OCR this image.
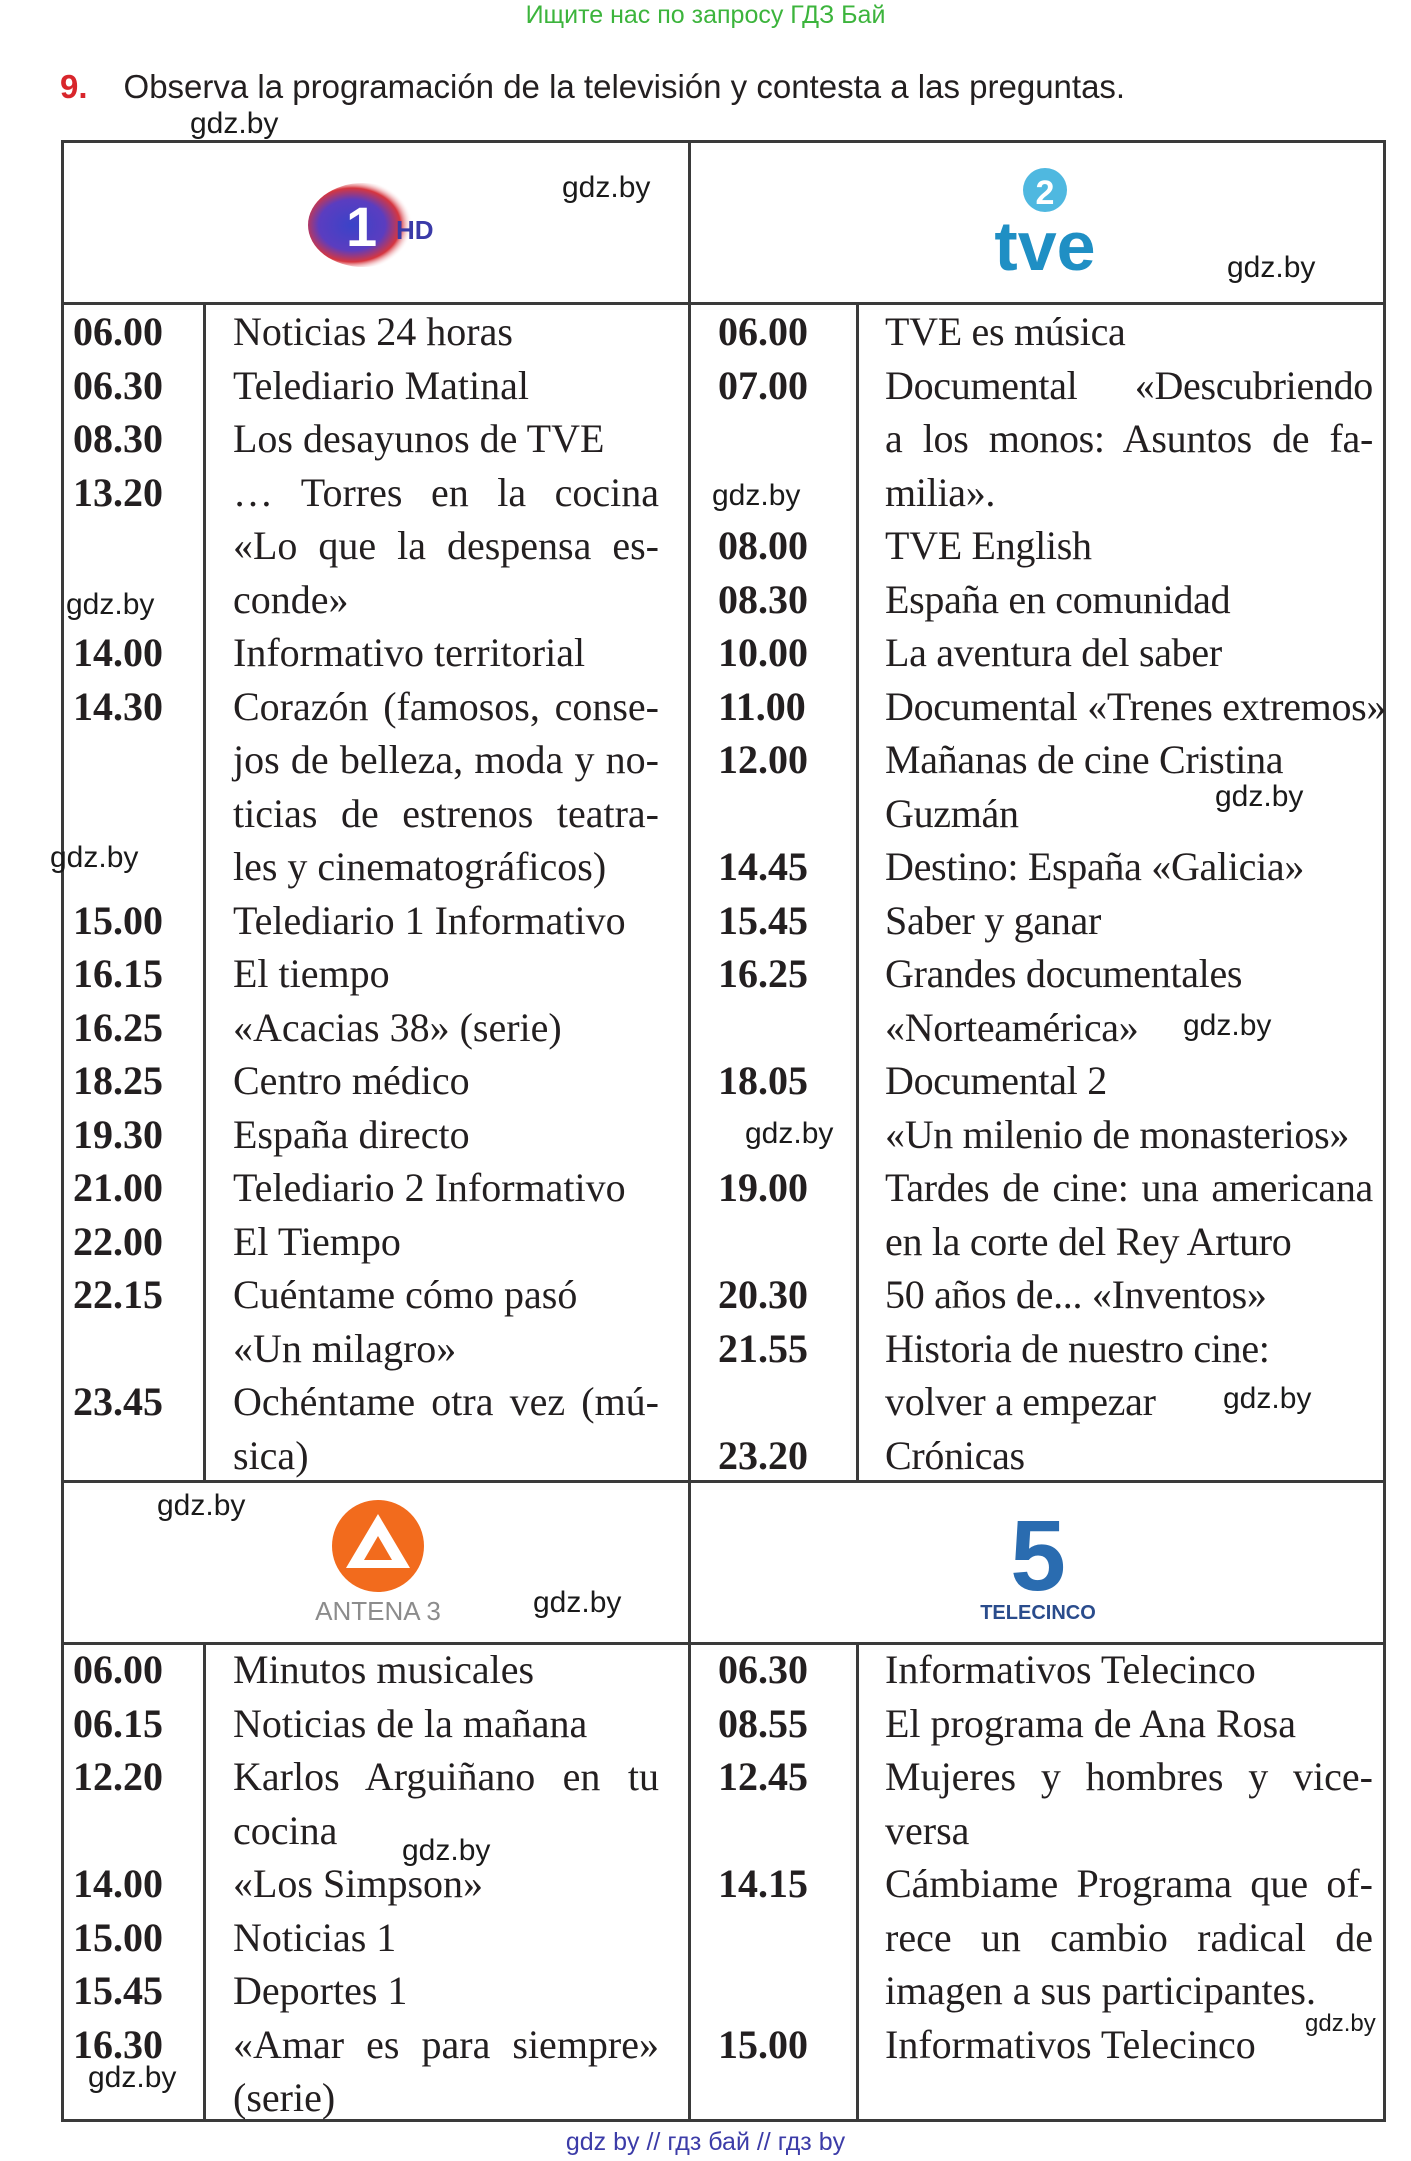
Ищите нас по запросу ГДЗ Бай
9. Observa la programación de la televisión y contesta a las preguntas.
1 HD
2
tve
ANTENA 3	5
TELECINCO
06.00
06.30
08.30
13.20
14.00
14.30
15.00
16.15
16.25
18.25
19.30
21.00
22.00
22.15
23.45
Noticias 24 horas
Telediario Matinal
Los desayunos de TVE
… Torres en la cocina
«Lo que la despensa es-
conde»
Informativo territorial
Corazón (famosos, conse-
jos de belleza, moda y no-
ticias de estrenos teatra-
les y cinematográficos)
Telediario 1 Informativo
El tiempo
«Acacias 38» (serie)
Centro médico
España directo
Telediario 2 Informativo
El Tiempo
Cuéntame cómo pasó
«Un milagro»
Ochéntame otra vez (mú-
sica)
06.00
07.00
08.00
08.30
10.00
11.00
12.00
14.45
15.45
16.25
18.05
19.00
20.30
21.55
23.20
TVE es música
Documental «Descubriendo
a los monos: Asuntos de fa-
milia».
TVE English
España en comunidad
La aventura del saber
Documental «Trenes extremos»
Mañanas de cine Cristina
Guzmán
Destino: España «Galicia»
Saber y ganar
Grandes documentales
«Norteamérica»
Documental 2
«Un milenio de monasterios»
Tardes de cine: una americana
en la corte del Rey Arturo
50 años de... «Inventos»
Historia de nuestro cine:
volver a empezar
Crónicas
06.00
06.15
12.20
14.00
15.00
15.45
16.30
Minutos musicales
Noticias de la mañana
Karlos Arguiñano en tu
cocina
«Los Simpson»
Noticias 1
Deportes 1
«Amar es para siempre»
(serie)
06.30
08.55
12.45
14.15
15.00
Informativos Telecinco
El programa de Ana Rosa
Mujeres y hombres y vice-
versa
Cámbiame Programa que of-
rece un cambio radical de
imagen a sus participantes.
Informativos Telecinco
gdz.by
gdz.by
gdz.by
gdz.by
gdz.by
gdz.by
gdz.by
gdz.by
gdz.by
gdz.by
gdz.by
gdz.by
gdz.by
gdz.by
gdz.by
gdz by // гдз бай // гдз by
